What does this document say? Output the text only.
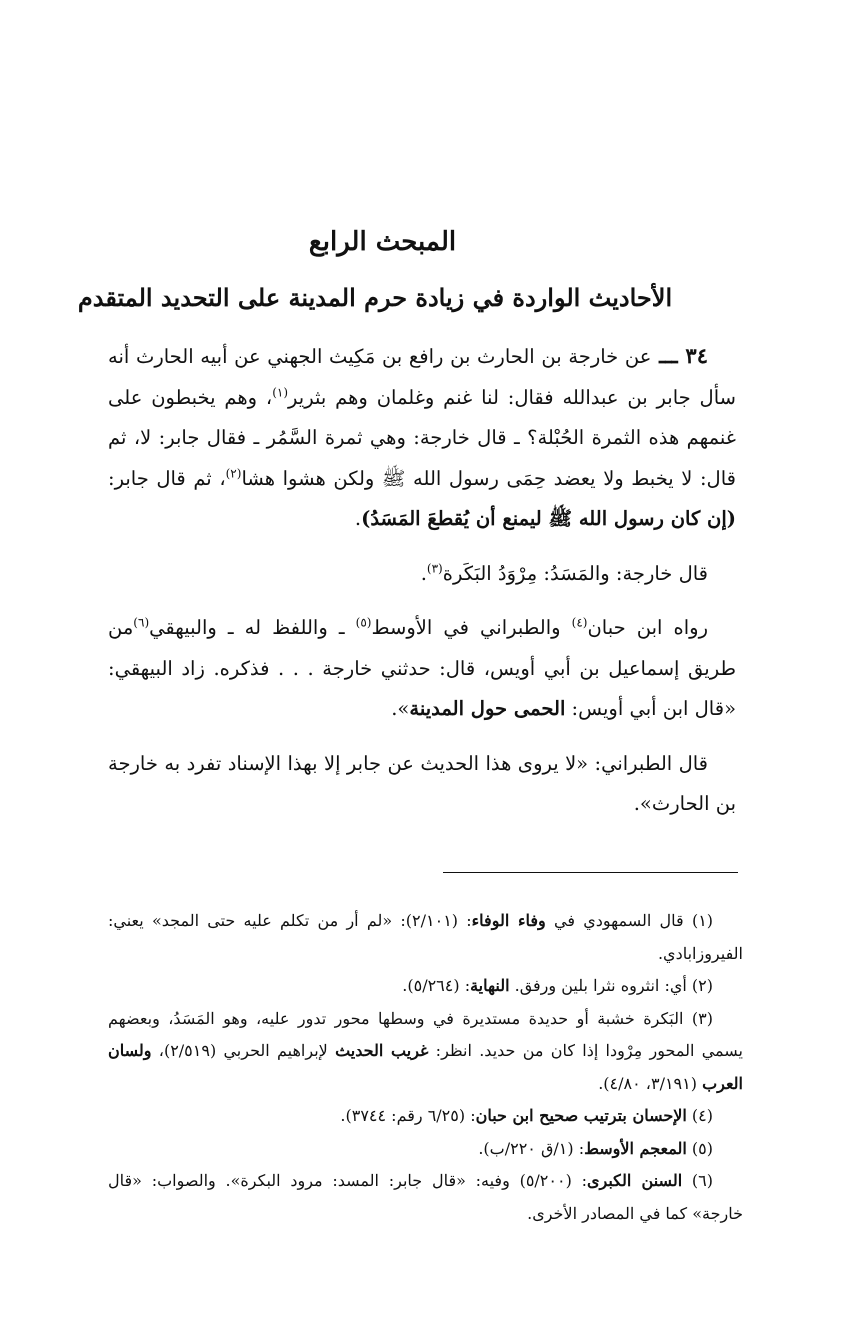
المبحث الرابع
الأحاديث الواردة في زيادة حرم المدينة على التحديد المتقدم

٣٤ ـــ عن خارجة بن الحارث بن رافع بن مَكِيث الجهني عن أبيه الحارث أنه سأل جابر بن عبدالله فقال: لنا غنم وغلمان وهم بثرير$^{(١)}$، وهم يخبطون على غنمهم هذه الثمرة الحُبْلة؟ ـ قال خارجة: وهي ثمرة السَّمُر ـ فقال جابر: لا، ثم قال: لا يخبط ولا يعضد حِمَى رسول الله ﷺ ولكن هشوا هشا$^{(٢)}$، ثم قال جابر: (إن كان رسول الله ﷺ ليمنع أن يُقطعَ المَسَدُ).

قال خارجة: والمَسَدُ: مِرْوَدُ البَكَرة$^{(٣)}$.

رواه ابن حبان$^{(٤)}$ والطبراني في الأوسط$^{(٥)}$ ـ واللفظ له ـ والبيهقي$^{(٦)}$من طريق إسماعيل بن أبي أويس، قال: حدثني خارجة . . . فذكره. زاد البيهقي: «قال ابن أبي أويس: الحمى حول المدينة».

قال الطبراني: «لا يروى هذا الحديث عن جابر إلا بهذا الإسناد تفرد به خارجة بن الحارث».

(١) قال السمهودي في وفاء الوفاء: (٢/١٠١): «لم أر من تكلم عليه حتى المجد» يعني: الفيروزابادي.

(٢) أي: انثروه نثرا بلين ورفق. النهاية: (٥/٢٦٤).

(٣) البَكرة خشبة أو حديدة مستديرة في وسطها محور تدور عليه، وهو المَسَدُ، وبعضهم يسمي المحور مِرْودا إذا كان من حديد. انظر: غريب الحديث لإبراهيم الحربي (٢/٥١٩)، ولسان العرب (٣/١٩١، ٤/٨٠).

(٤) الإحسان بترتيب صحيح ابن حبان: (٦/٢٥ رقم: ٣٧٤٤).

(٥) المعجم الأوسط: (١/ق ٢٢٠/ب).

(٦) السنن الكبرى: (٥/٢٠٠) وفيه: «قال جابر: المسد: مرود البكرة». والصواب: «قال خارجة» كما في المصادر الأخرى.
